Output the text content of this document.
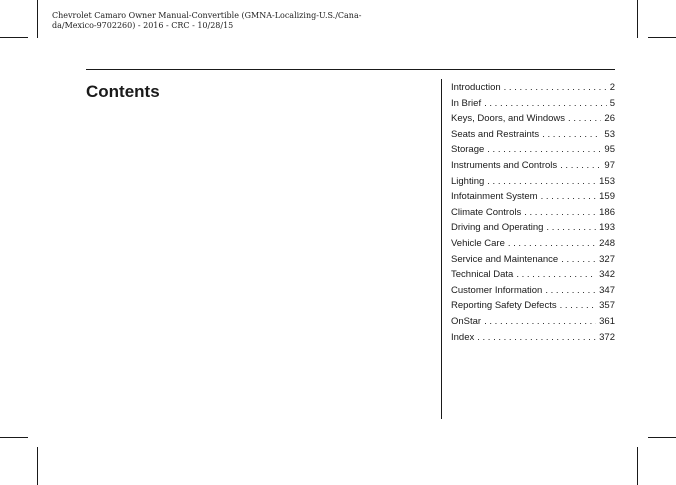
Chevrolet Camaro Owner Manual-Convertible (GMNA-Localizing-U.S./Cana-
da/Mexico-9702260) - 2016 - CRC - 10/28/15
Contents	Introduction . . .	2
In Brief . . .	5
Keys, Doors, and Windows . . .	26
Seats and Restraints . . .	53
Storage . . .	95
Instruments and Controls . . .	97
Lighting . . .	153
Infotainment System . . .	159
Climate Controls . . .	186
Driving and Operating . . .	193
Vehicle Care . . .	248
Service and Maintenance . . .	327
Technical Data . . .	342
Customer Information . . .	347
Reporting Safety Defects . . .	357
OnStar . . .	361
Index . . .	372
